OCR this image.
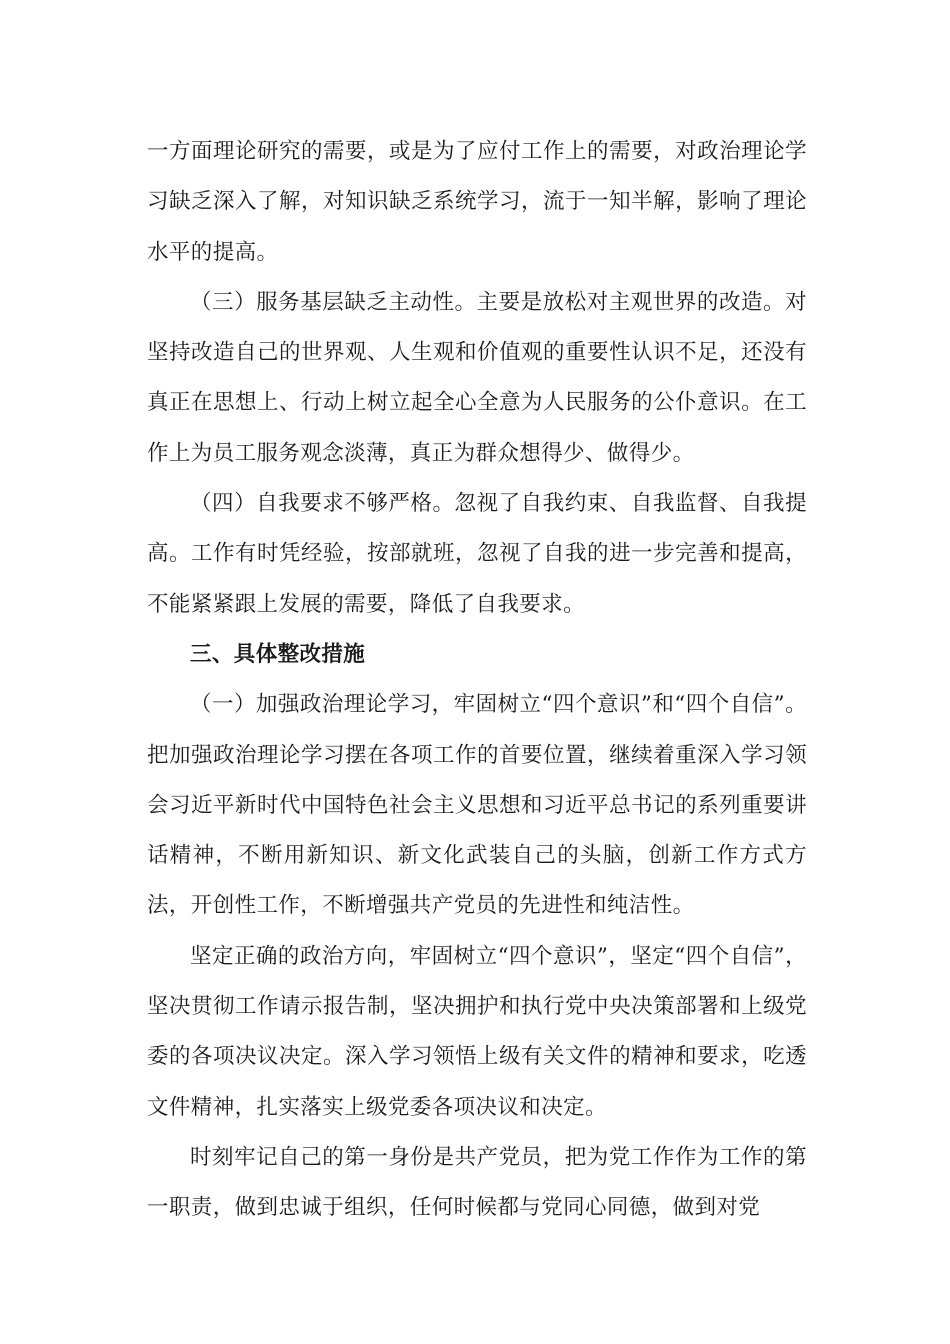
一方面理论研究的需要，或是为了应付工作上的需要，对政治理论学习缺乏深入了解，对知识缺乏系统学习，流于一知半解，影响了理论水平的提高。

（三）服务基层缺乏主动性。主要是放松对主观世界的改造。对坚持改造自己的世界观、人生观和价值观的重要性认识不足，还没有真正在思想上、行动上树立起全心全意为人民服务的公仆意识。在工作上为员工服务观念淡薄，真正为群众想得少、做得少。

（四）自我要求不够严格。忽视了自我约束、自我监督、自我提高。工作有时凭经验，按部就班，忽视了自我的进一步完善和提高，不能紧紧跟上发展的需要，降低了自我要求。

三、具体整改措施

（一）加强政治理论学习，牢固树立“四个意识”和“四个自信”。把加强政治理论学习摆在各项工作的首要位置，继续着重深入学习领会习近平新时代中国特色社会主义思想和习近平总书记的系列重要讲话精神，不断用新知识、新文化武装自己的头脑，创新工作方式方法，开创性工作，不断增强共产党员的先进性和纯洁性。

坚定正确的政治方向，牢固树立“四个意识”，坚定“四个自信”，坚决贯彻工作请示报告制，坚决拥护和执行党中央决策部署和上级党委的各项决议决定。深入学习领悟上级有关文件的精神和要求，吃透文件精神，扎实落实上级党委各项决议和决定。

时刻牢记自己的第一身份是共产党员，把为党工作作为工作的第一职责，做到忠诚于组织，任何时候都与党同心同德，做到对党
